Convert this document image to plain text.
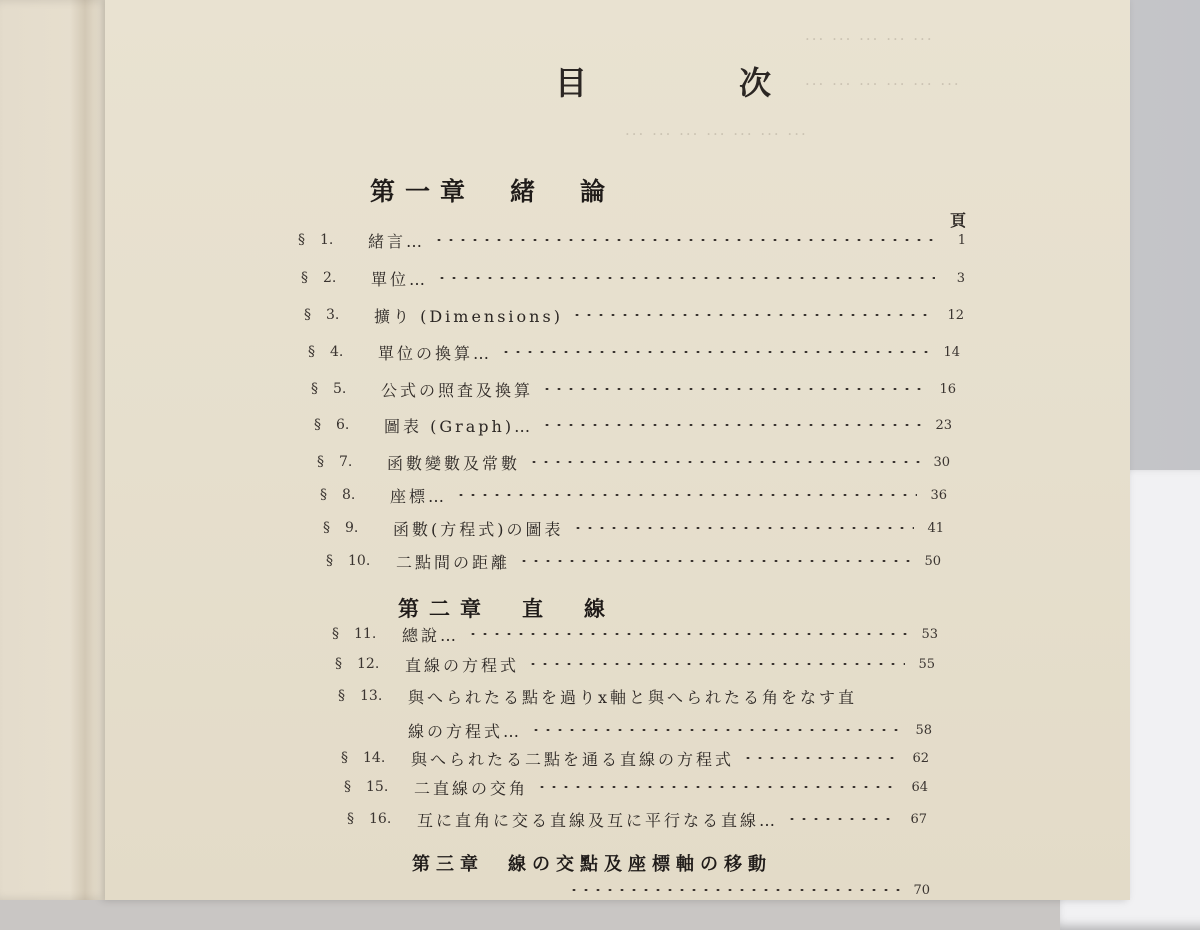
··· ··· ··· ··· ···
··· ··· ··· ··· ··· ···
··· ··· ··· ··· ··· ··· ···
目　次
頁
第一章　緒　論
§	1.	緒言…	1
§	2.	單位…	3
§	3.	擴り (Dimensions)	12
§	4.	單位の換算…	14
§	5.	公式の照査及換算	16
§	6.	圖表 (Graph)…	23
§	7.	函數變數及常數	30
§	8.	座標…	36
§	9.	函數(方程式)の圖表	41
§	10.	二點間の距離	50
第二章　直　線
§	11.	總說…	53
§	12.	直線の方程式	55
§	13.	與へられたる點を過りx軸と與へられたる角をなす直
線の方程式…	58
§	14.	與へられたる二點を通る直線の方程式	62
§	15.	二直線の交角	64
§	16.	互に直角に交る直線及互に平行なる直線…	67
第三章　線の交點及座標軸の移動
70
